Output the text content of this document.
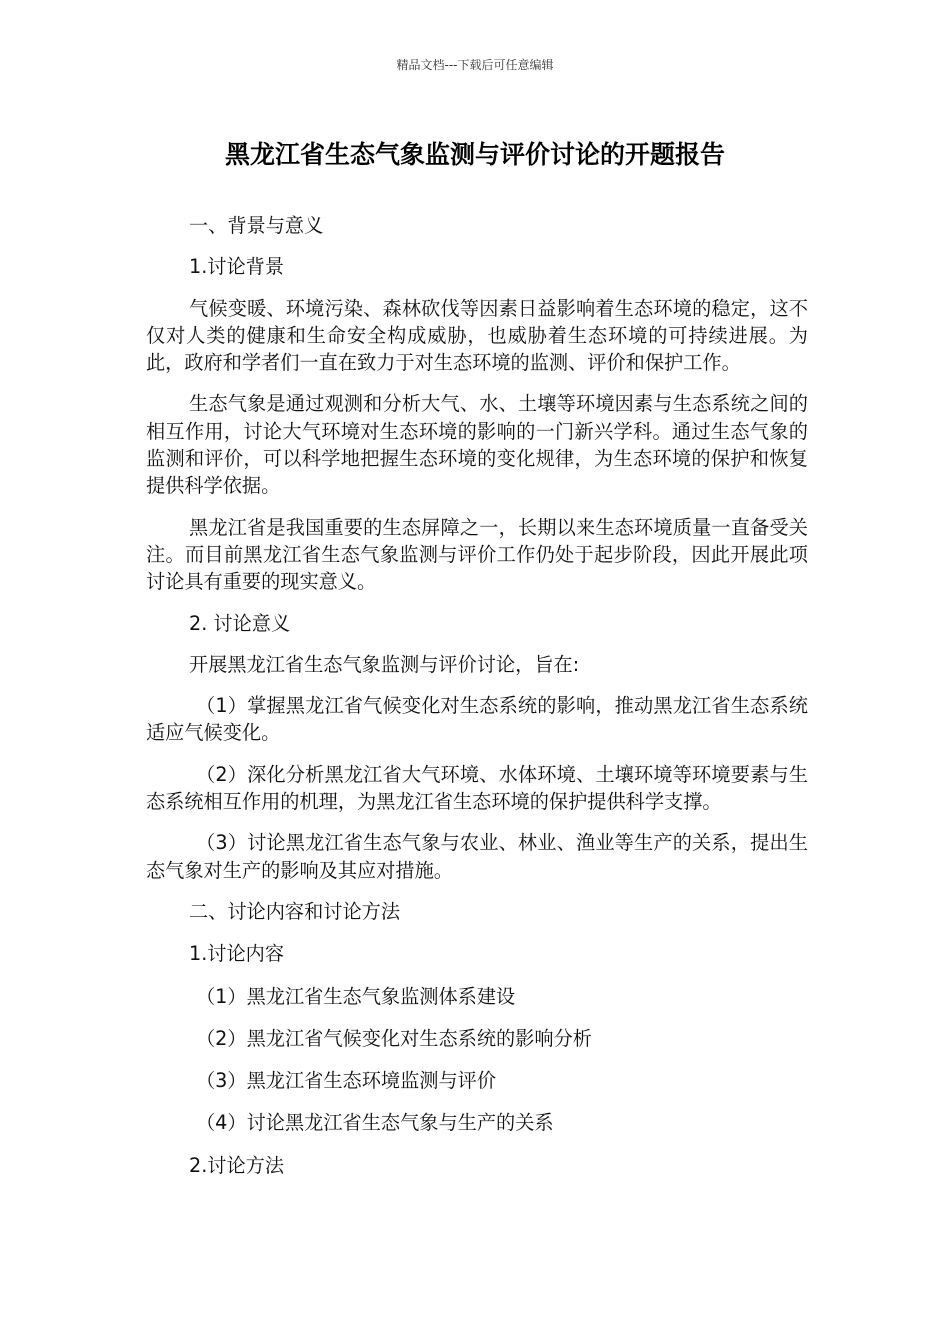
精品文档---下载后可任意编辑
黑龙江省生态气象监测与评价讨论的开题报告

一、背景与意义

1.讨论背景

气候变暖、环境污染、森林砍伐等因素日益影响着生态环境的稳定，这不仅对人类的健康和生命安全构成威胁，也威胁着生态环境的可持续进展。为此，政府和学者们一直在致力于对生态环境的监测、评价和保护工作。

生态气象是通过观测和分析大气、水、土壤等环境因素与生态系统之间的相互作用，讨论大气环境对生态环境的影响的一门新兴学科。通过生态气象的监测和评价，可以科学地把握生态环境的变化规律，为生态环境的保护和恢复提供科学依据。

黑龙江省是我国重要的生态屏障之一，长期以来生态环境质量一直备受关注。而目前黑龙江省生态气象监测与评价工作仍处于起步阶段，因此开展此项讨论具有重要的现实意义。

2. 讨论意义

开展黑龙江省生态气象监测与评价讨论，旨在:

（1）掌握黑龙江省气候变化对生态系统的影响，推动黑龙江省生态系统适应气候变化。

（2）深化分析黑龙江省大气环境、水体环境、土壤环境等环境要素与生态系统相互作用的机理，为黑龙江省生态环境的保护提供科学支撑。

（3）讨论黑龙江省生态气象与农业、林业、渔业等生产的关系，提出生态气象对生产的影响及其应对措施。

二、讨论内容和讨论方法

1.讨论内容

（1）黑龙江省生态气象监测体系建设

（2）黑龙江省气候变化对生态系统的影响分析

（3）黑龙江省生态环境监测与评价

（4）讨论黑龙江省生态气象与生产的关系

2.讨论方法
